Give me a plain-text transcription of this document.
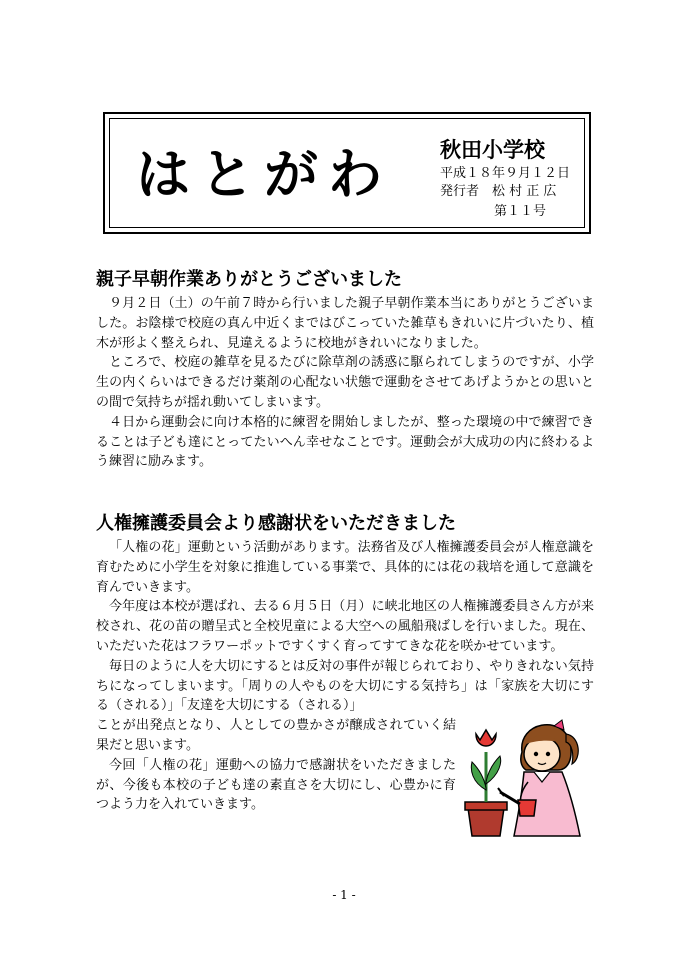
はとがわ 秋田小学校
平成１８年９月１２日
発行者　松 村 正 広
第１１号
親子早朝作業ありがとうございました

９月２日（土）の午前７時から行いました親子早朝作業本当にありがとうございました。お陰様で校庭の真ん中近くまではびこっていた雑草もきれいに片づいたり、植木が形よく整えられ、見違えるように校地がきれいになりました。

ところで、校庭の雑草を見るたびに除草剤の誘惑に駆られてしまうのですが、小学生の内くらいはできるだけ薬剤の心配ない状態で運動をさせてあげようかとの思いとの間で気持ちが揺れ動いてしまいます。

４日から運動会に向け本格的に練習を開始しましたが、整った環境の中で練習できることは子ども達にとってたいへん幸せなことです。運動会が大成功の内に終わるよう練習に励みます。

人権擁護委員会より感謝状をいただきました

「人権の花」運動という活動があります。法務省及び人権擁護委員会が人権意識を育むために小学生を対象に推進している事業で、具体的には花の栽培を通して意識を育んでいきます。

今年度は本校が選ばれ、去る６月５日（月）に峡北地区の人権擁護委員さん方が来校され、花の苗の贈呈式と全校児童による大空への風船飛ばしを行いました。現在、いただいた花はフラワーポットですくすく育ってすてきな花を咲かせています。

毎日のように人を大切にするとは反対の事件が報じられており、やりきれない気持ちになってしまいます。「周りの人やものを大切にする気持ち」は「家族を大切にする（される）」「友達を大切にする（される）」

ことが出発点となり、人としての豊かさが醸成されていく結果だと思います。

今回「人権の花」運動への協力で感謝状をいただきましたが、今後も本校の子ども達の素直さを大切にし、心豊かに育つよう力を入れていきます。

- 1 -
